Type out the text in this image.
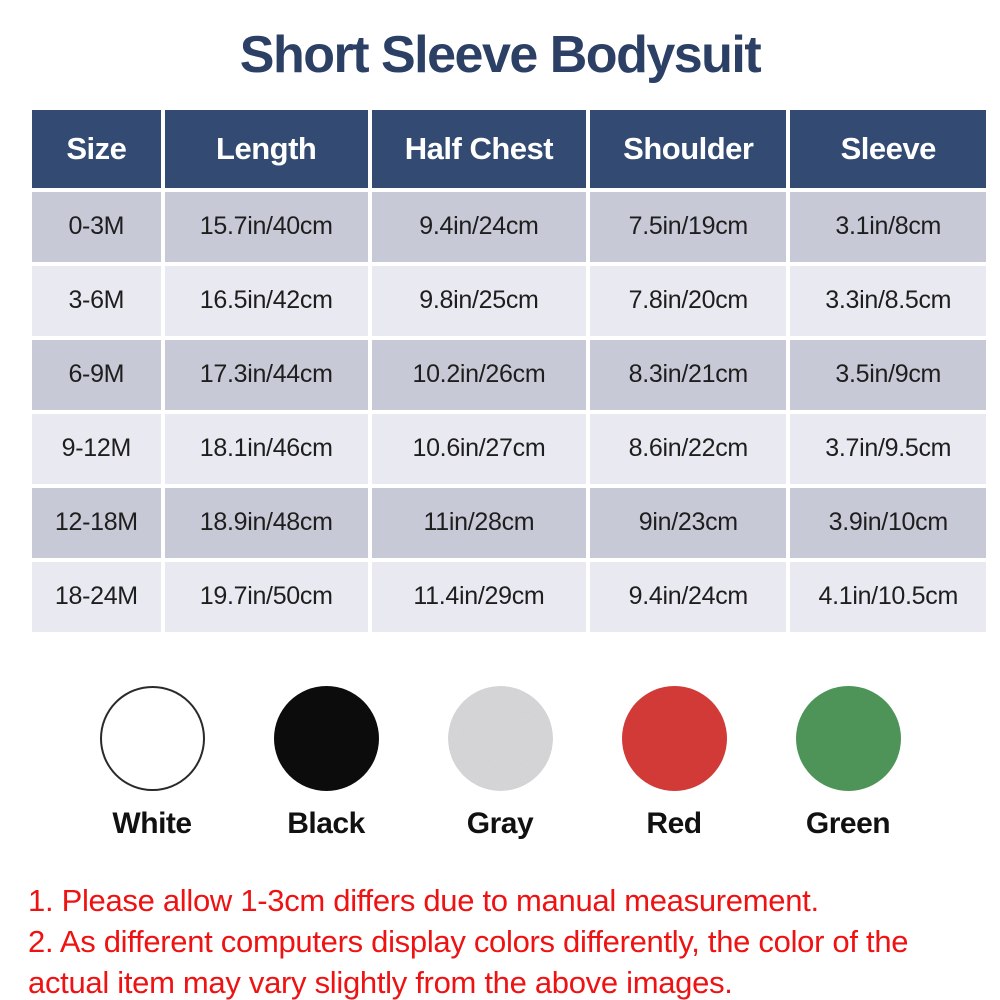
Short Sleeve Bodysuit
Size	Length	Half Chest	Shoulder	Sleeve
0-3M	15.7in/40cm	9.4in/24cm	7.5in/19cm	3.1in/8cm
3-6M	16.5in/42cm	9.8in/25cm	7.8in/20cm	3.3in/8.5cm
6-9M	17.3in/44cm	10.2in/26cm	8.3in/21cm	3.5in/9cm
9-12M	18.1in/46cm	10.6in/27cm	8.6in/22cm	3.7in/9.5cm
12-18M	18.9in/48cm	11in/28cm	9in/23cm	3.9in/10cm
18-24M	19.7in/50cm	11.4in/29cm	9.4in/24cm	4.1in/10.5cm
White	Black	Gray	Red	Green

1. Please allow 1-3cm differs due to manual measurement.

2. As different computers display colors differently, the color of the actual item may vary slightly from the above images.
